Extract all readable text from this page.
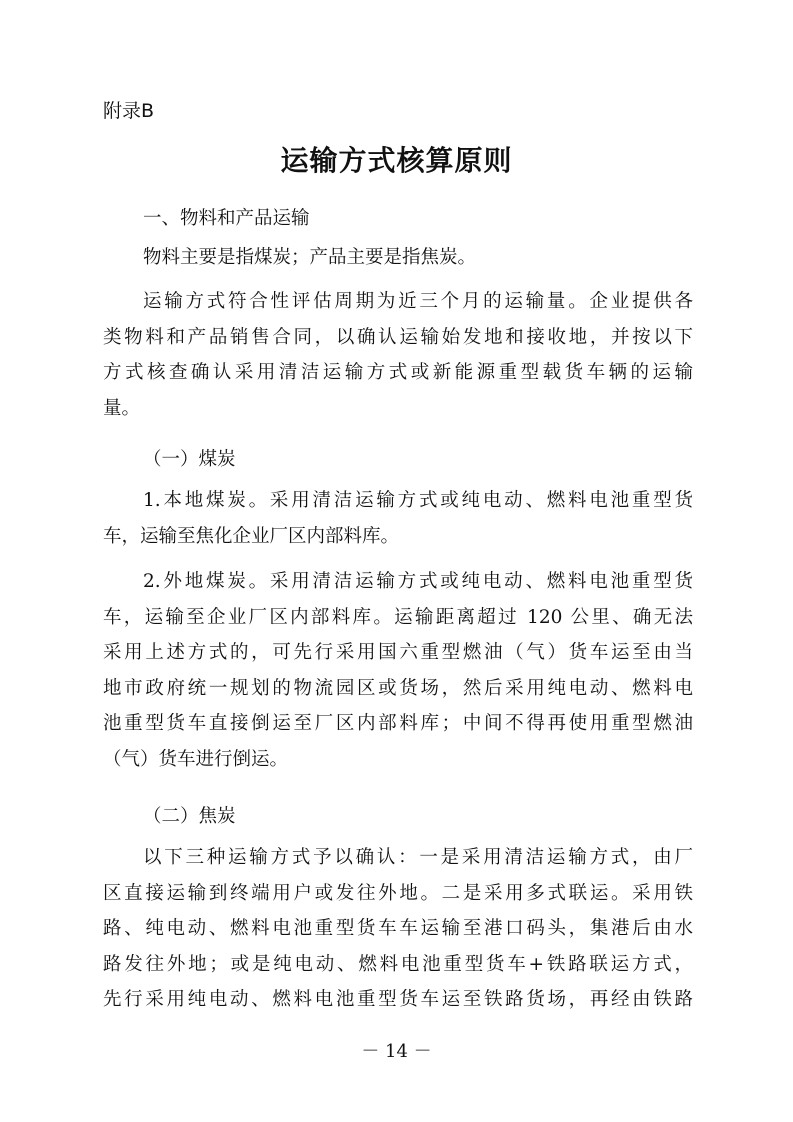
附录B
运输方式核算原则
一、物料和产品运输
物料主要是指煤炭；产品主要是指焦炭。
运输方式符合性评估周期为近三个月的运输量。企业提供各
类物料和产品销售合同，以确认运输始发地和接收地，并按以下
方式核查确认采用清洁运输方式或新能源重型载货车辆的运输
量。
（一）煤炭
1.本地煤炭。采用清洁运输方式或纯电动、燃料电池重型货
车，运输至焦化企业厂区内部料库。
2.外地煤炭。采用清洁运输方式或纯电动、燃料电池重型货
车，运输至企业厂区内部料库。运输距离超过 120 公里、确无法
采用上述方式的，可先行采用国六重型燃油（气）货车运至由当
地市政府统一规划的物流园区或货场，然后采用纯电动、燃料电
池重型货车直接倒运至厂区内部料库；中间不得再使用重型燃油
（气）货车进行倒运。
（二）焦炭
以下三种运输方式予以确认：一是采用清洁运输方式，由厂
区直接运输到终端用户或发往外地。二是采用多式联运。采用铁
路、纯电动、燃料电池重型货车车运输至港口码头，集港后由水
路发往外地；或是纯电动、燃料电池重型货车+铁路联运方式，
先行采用纯电动、燃料电池重型货车运至铁路货场，再经由铁路
－ 14 －
